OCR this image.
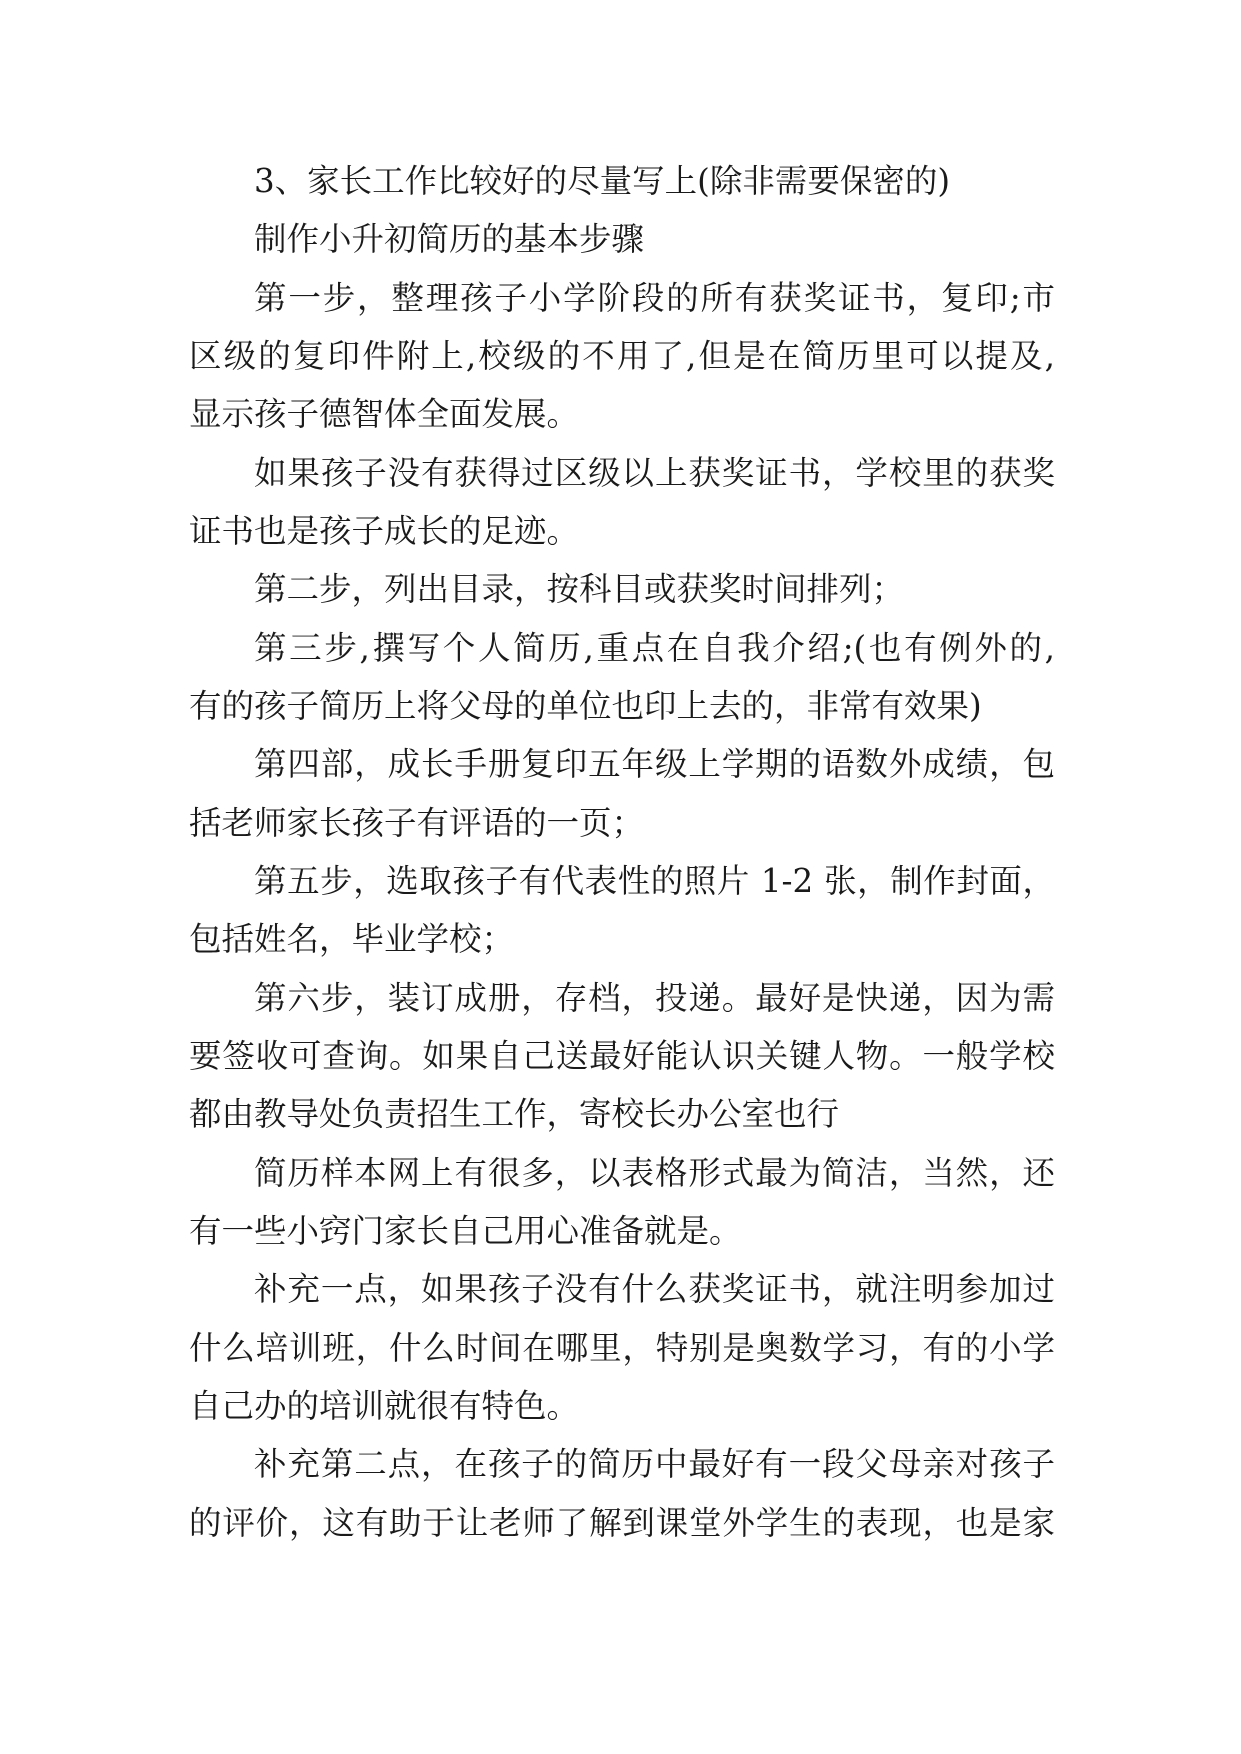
3、家长工作比较好的尽量写上(除非需要保密的)
制作小升初简历的基本步骤
第一步，整理孩子小学阶段的所有获奖证书，复印;市
区级的复印件附上,校级的不用了,但是在简历里可以提及,
显示孩子德智体全面发展。
如果孩子没有获得过区级以上获奖证书，学校里的获奖
证书也是孩子成长的足迹。
第二步，列出目录，按科目或获奖时间排列；
第三步,撰写个人简历,重点在自我介绍;(也有例外的,
有的孩子简历上将父母的单位也印上去的，非常有效果)
第四部，成长手册复印五年级上学期的语数外成绩，包
括老师家长孩子有评语的一页；
第五步，选取孩子有代表性的照片 1-2 张，制作封面，
包括姓名，毕业学校；
第六步，装订成册，存档，投递。最好是快递，因为需
要签收可查询。如果自己送最好能认识关键人物。一般学校
都由教导处负责招生工作，寄校长办公室也行
简历样本网上有很多，以表格形式最为简洁，当然，还
有一些小窍门家长自己用心准备就是。
补充一点，如果孩子没有什么获奖证书，就注明参加过
什么培训班，什么时间在哪里，特别是奥数学习，有的小学
自己办的培训就很有特色。
补充第二点，在孩子的简历中最好有一段父母亲对孩子
的评价，这有助于让老师了解到课堂外学生的表现，也是家
